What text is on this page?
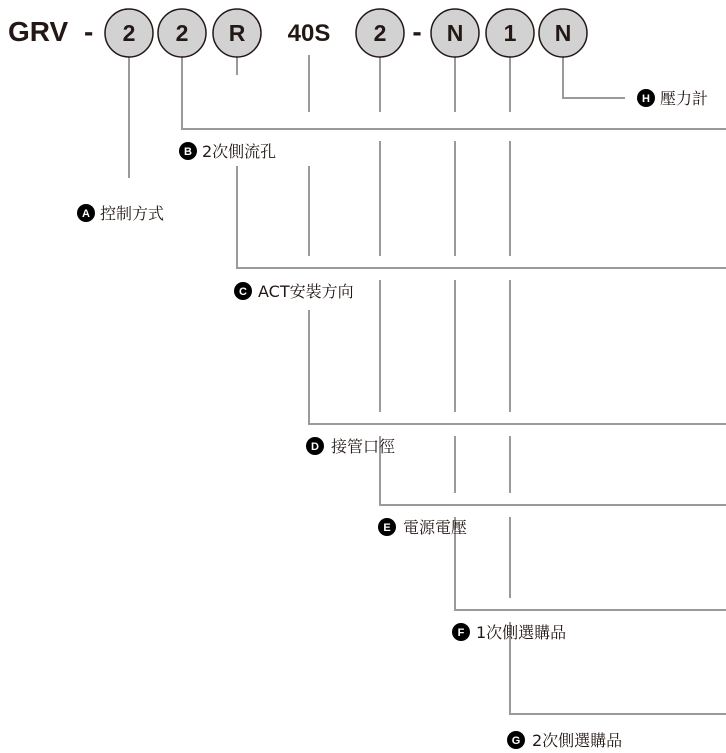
GRV - 2 2 R 40S 2 - N 1 N
H 壓力計
B 2次側流孔
A 控制方式
C ACT安裝方向
D 接管口徑
E 電源電壓
F 1次側選購品
G 2次側選購品
